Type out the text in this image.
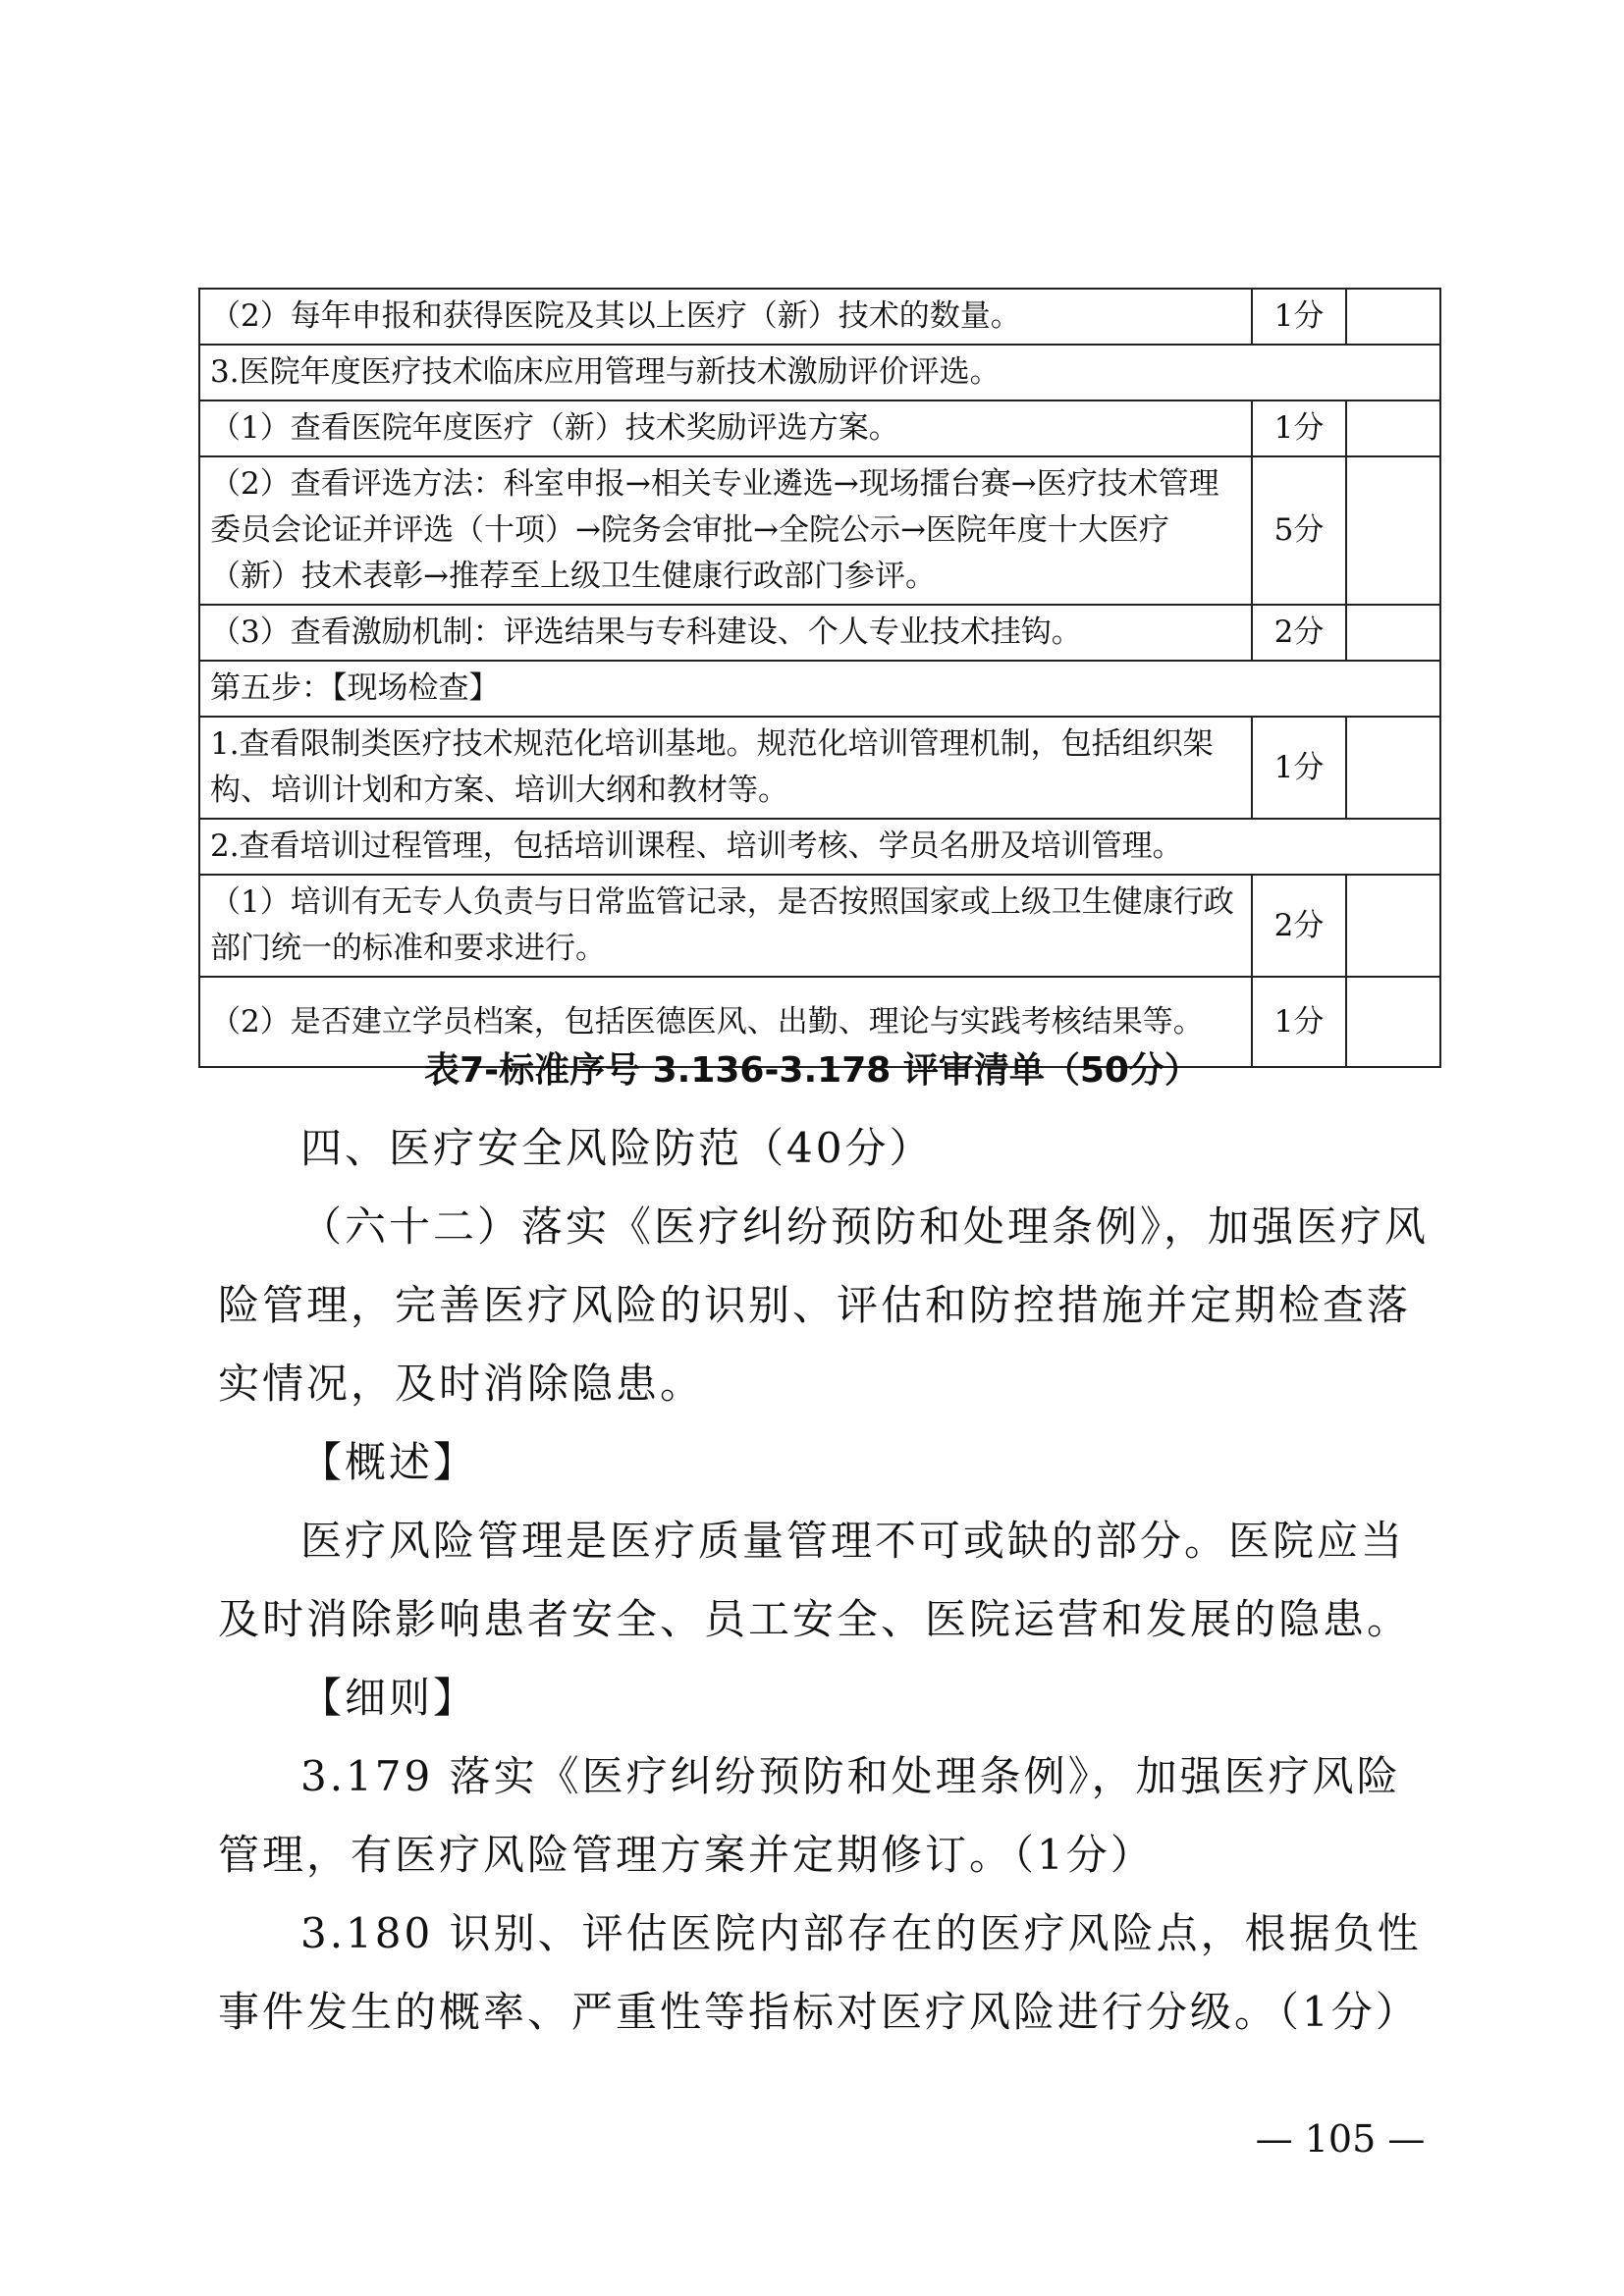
（2）每年申报和获得医院及其以上医疗（新）技术的数量。	1分	
3.医院年度医疗技术临床应用管理与新技术激励评价评选。		
（1）查看医院年度医疗（新）技术奖励评选方案。	1分	
（2）查看评选方法：科室申报→相关专业遴选→现场擂台赛→医疗技术管理委员会论证并评选（十项）→院务会审批→全院公示→医院年度十大医疗（新）技术表彰→推荐至上级卫生健康行政部门参评。	5分	
（3）查看激励机制：评选结果与专科建设、个人专业技术挂钩。	2分	
第五步：【现场检查】		
1.查看限制类医疗技术规范化培训基地。规范化培训管理机制，包括组织架构、培训计划和方案、培训大纲和教材等。	1分	
2.查看培训过程管理，包括培训课程、培训考核、学员名册及培训管理。		
（1）培训有无专人负责与日常监管记录，是否按照国家或上级卫生健康行政部门统一的标准和要求进行。	2分	
（2）是否建立学员档案，包括医德医风、出勤、理论与实践考核结果等。	1分	
表7-标准序号 3.136-3.178 评审清单（50分）

四、医疗安全风险防范（40分）

（六十二）落实《医疗纠纷预防和处理条例》，加强医疗风险管理，完善医疗风险的识别、评估和防控措施并定期检查落实情况，及时消除隐患。

【概述】

医疗风险管理是医疗质量管理不可或缺的部分。医院应当及时消除影响患者安全、员工安全、医院运营和发展的隐患。

【细则】

3.179 落实《医疗纠纷预防和处理条例》，加强医疗风险管理，有医疗风险管理方案并定期修订。（1分）

3.180 识别、评估医院内部存在的医疗风险点，根据负性事件发生的概率、严重性等指标对医疗风险进行分级。（1分）

— 105 —
